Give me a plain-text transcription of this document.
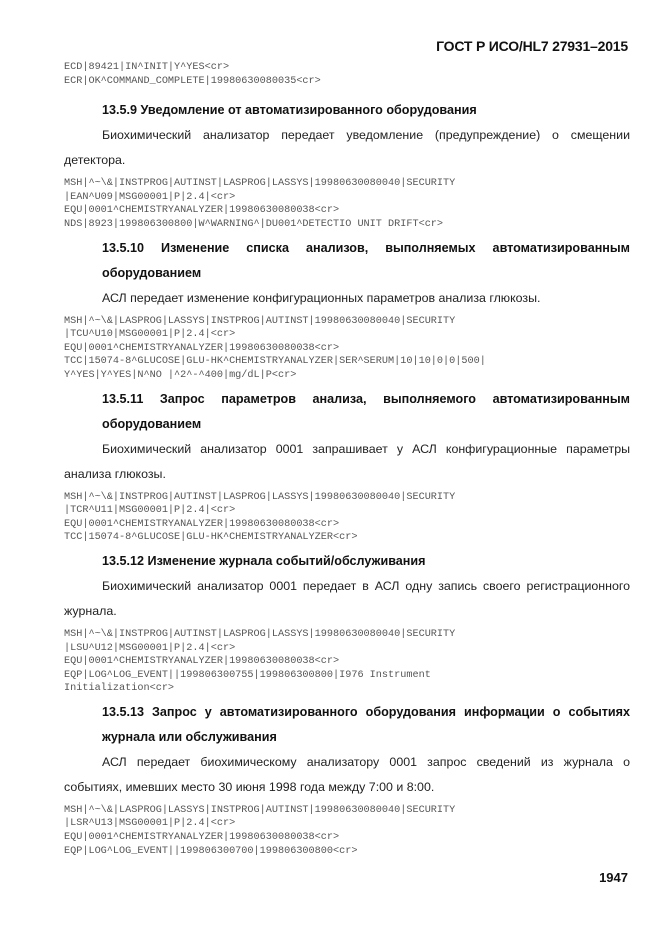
ГОСТ Р ИСО/HL7 27931–2015
ECD|89421|IN^INIT|Y^YES<cr>
ECR|OK^COMMAND_COMPLETE|19980630080035<cr>

13.5.9 Уведомление от автоматизированного оборудования

Биохимический анализатор передает уведомление (предупреждение) о смещении детектора.

MSH|^~\&|INSTPROG|AUTINST|LASPROG|LASSYS|19980630080040|SECURITY
|EAN^U09|MSG00001|P|2.4|<cr>
EQU|0001^CHEMISTRYANALYZER|19980630080038<cr>
NDS|8923|199806300800|W^WARNING^|DU001^DETECTIO UNIT DRIFT<cr>

13.5.10 Изменение списка анализов, выполняемых автоматизированным оборудованием

АСЛ передает изменение конфигурационных параметров анализа глюкозы.

MSH|^~\&|LASPROG|LASSYS|INSTPROG|AUTINST|19980630080040|SECURITY
|TCU^U10|MSG00001|P|2.4|<cr>
EQU|0001^CHEMISTRYANALYZER|19980630080038<cr>
TCC|15074-8^GLUCOSE|GLU-HK^CHEMISTRYANALYZER|SER^SERUM|10|10|0|0|500|
Y^YES|Y^YES|N^NO |^2^-^400|mg/dL|P<cr>

13.5.11 Запрос параметров анализа, выполняемого автоматизированным оборудованием

Биохимический анализатор 0001 запрашивает у АСЛ конфигурационные параметры анализа глюкозы.

MSH|^~\&|INSTPROG|AUTINST|LASPROG|LASSYS|19980630080040|SECURITY
|TCR^U11|MSG00001|P|2.4|<cr>
EQU|0001^CHEMISTRYANALYZER|19980630080038<cr>
TCC|15074-8^GLUCOSE|GLU-HK^CHEMISTRYANALYZER<cr>

13.5.12 Изменение журнала событий/обслуживания

Биохимический анализатор 0001 передает в АСЛ одну запись своего регистрационного журнала.

MSH|^~\&|INSTPROG|AUTINST|LASPROG|LASSYS|19980630080040|SECURITY
|LSU^U12|MSG00001|P|2.4|<cr>
EQU|0001^CHEMISTRYANALYZER|19980630080038<cr>
EQP|LOG^LOG_EVENT||199806300755|199806300800|I976 Instrument
Initialization<cr>

13.5.13 Запрос у автоматизированного оборудования информации о событиях журнала или обслуживания

АСЛ передает биохимическому анализатору 0001 запрос сведений из журнала о событиях, имевших место 30 июня 1998 года между 7:00 и 8:00.

MSH|^~\&|LASPROG|LASSYS|INSTPROG|AUTINST|19980630080040|SECURITY
|LSR^U13|MSG00001|P|2.4|<cr>
EQU|0001^CHEMISTRYANALYZER|19980630080038<cr>
EQP|LOG^LOG_EVENT||199806300700|199806300800<cr>
1947
